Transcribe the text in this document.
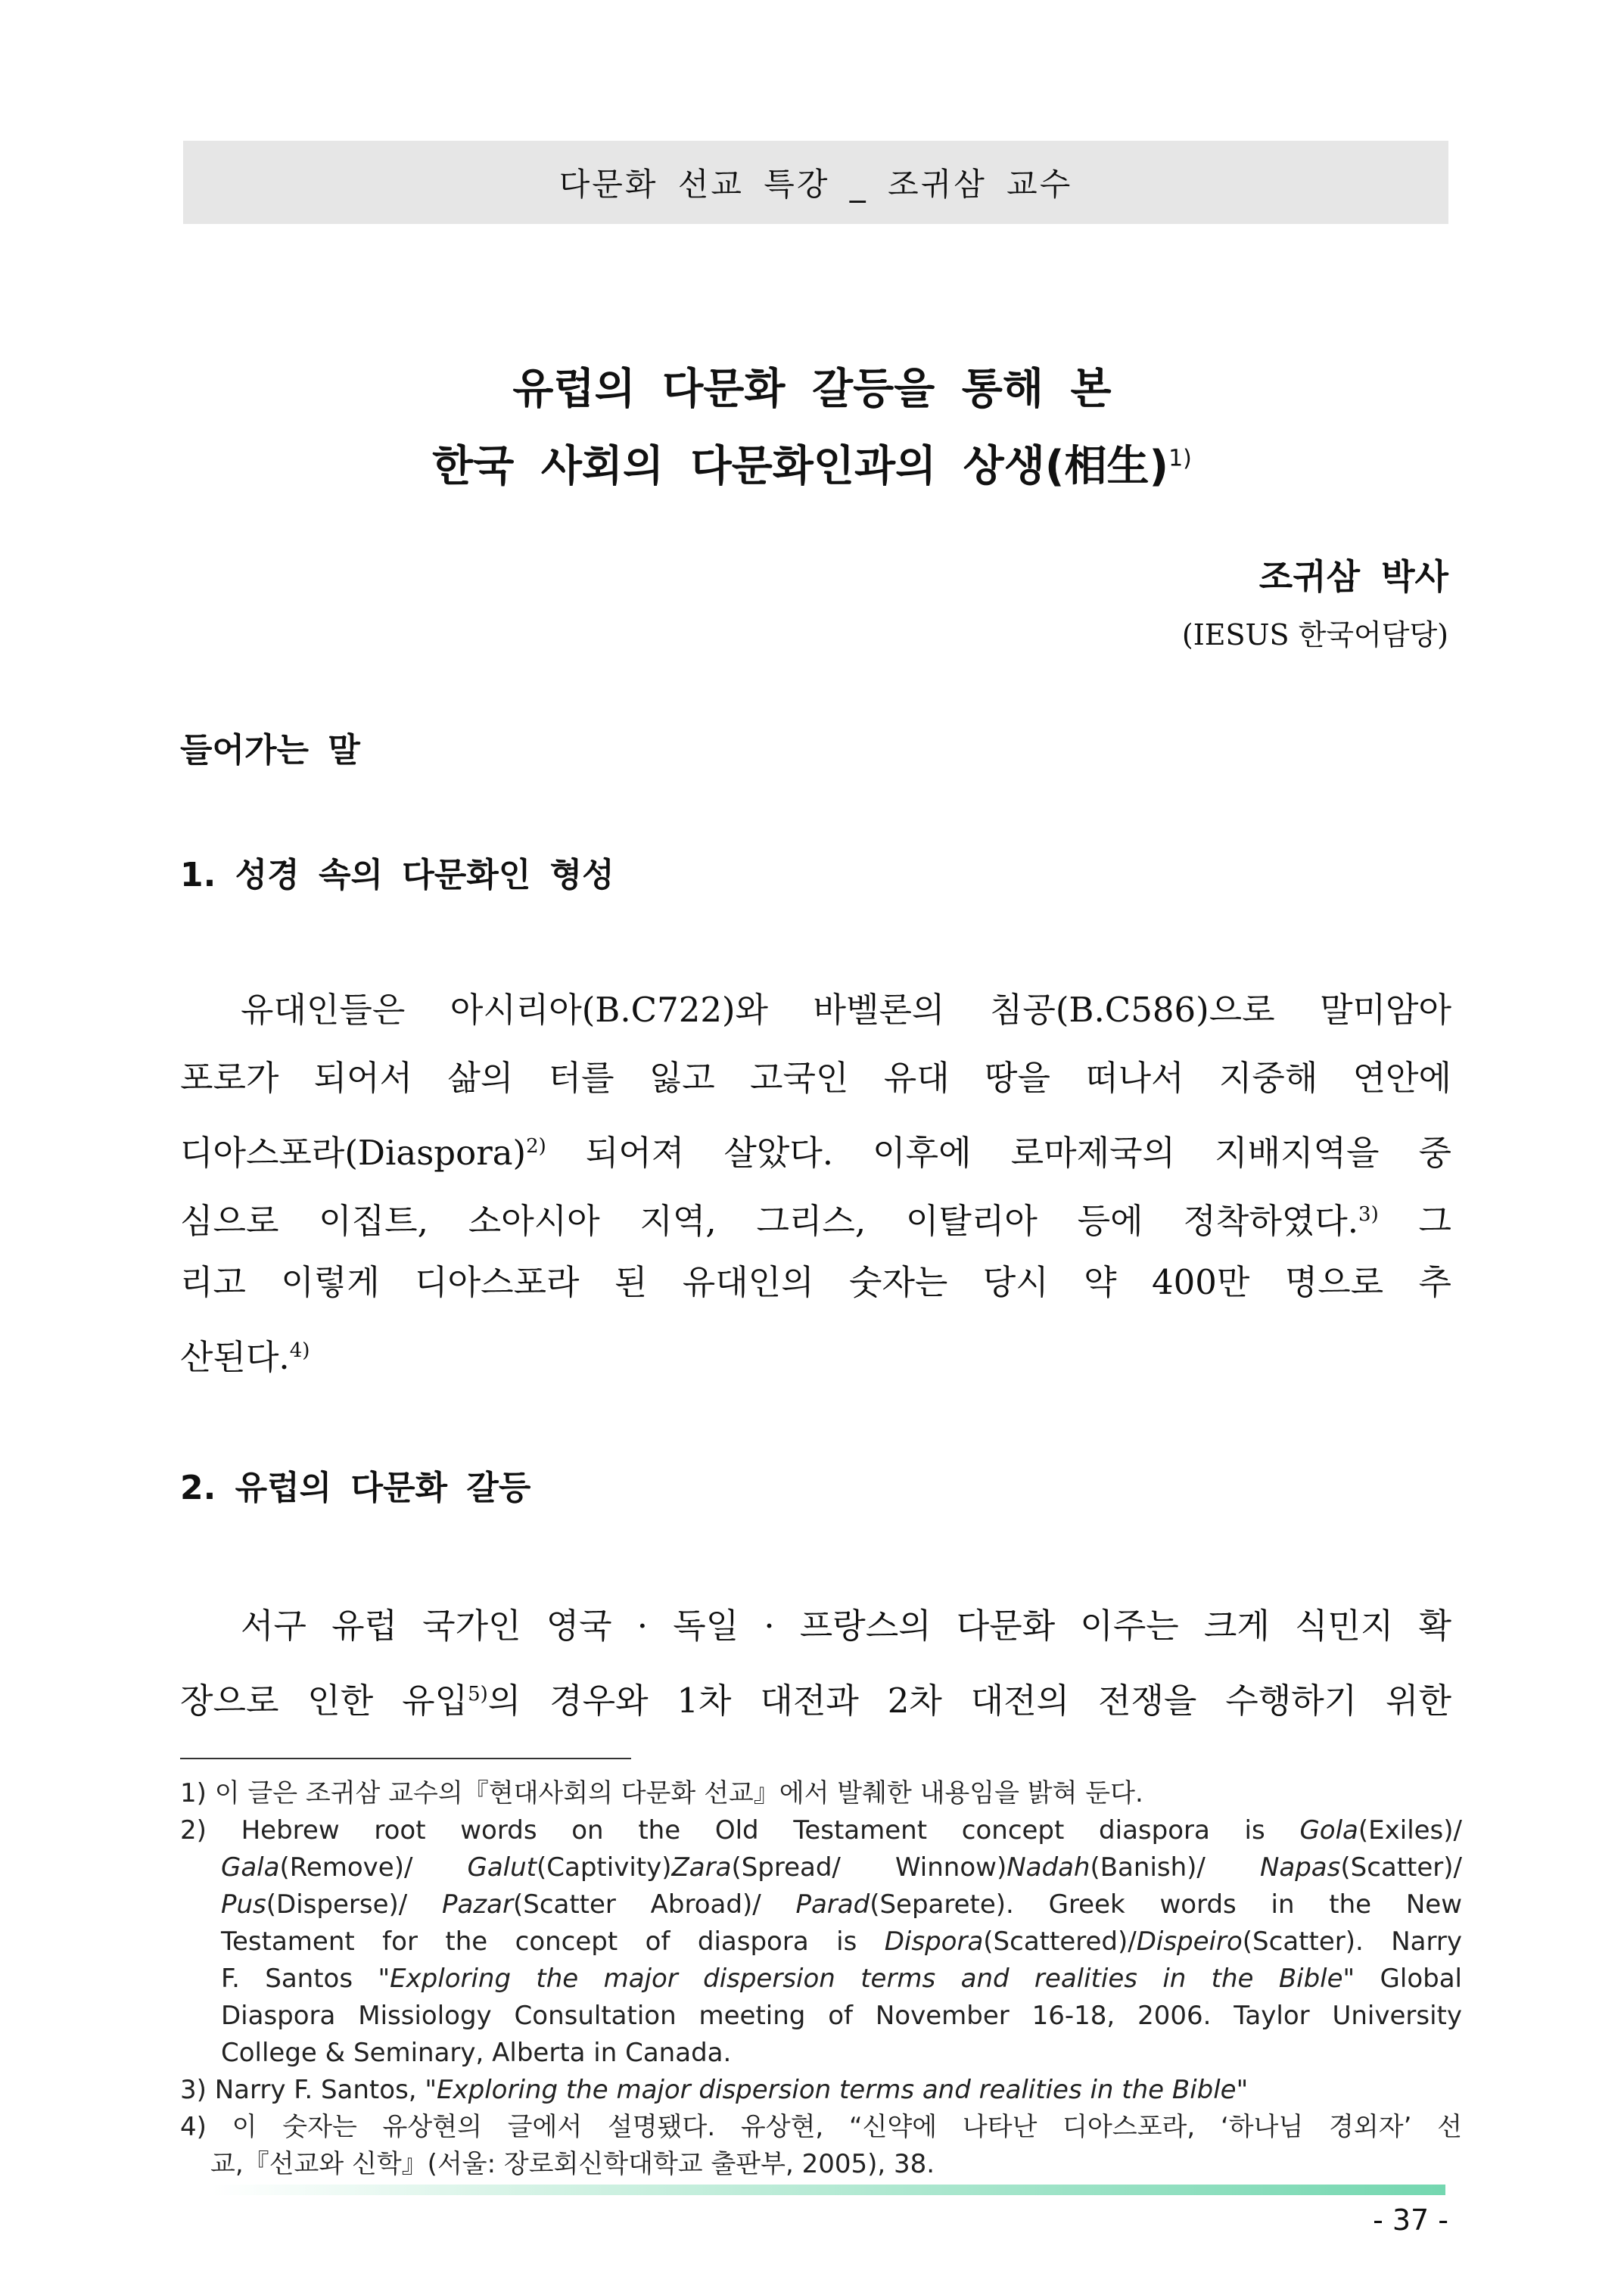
다문화 선교 특강 _ 조귀삼 교수
유럽의 다문화 갈등을 통해 본
한국 사회의 다문화인과의 상생(相生)$^{1)}$
조귀삼 박사
(IESUS 한국어담당)
들어가는 말
1. 성경 속의 다문화인 형성
유대인들은 아시리아(B.C722)와 바벨론의 침공(B.C586)으로 말미암아
포로가 되어서 삶의 터를 잃고 고국인 유대 땅을 떠나서 지중해 연안에
디아스포라(Diaspora)$^{2)}$ 되어져 살았다. 이후에 로마제국의 지배지역을 중
심으로 이집트, 소아시아 지역, 그리스, 이탈리아 등에 정착하였다.$^{3)}$ 그
리고 이렇게 디아스포라 된 유대인의 숫자는 당시 약 400만 명으로 추
산된다.$^{4)}$
2. 유럽의 다문화 갈등
서구 유럽 국가인 영국 · 독일 · 프랑스의 다문화 이주는 크게 식민지 확
장으로 인한 유입$^{5)}$의 경우와 1차 대전과 2차 대전의 전쟁을 수행하기 위한
1) 이 글은 조귀삼 교수의『현대사회의 다문화 선교』에서 발췌한 내용임을 밝혀 둔다.
2) Hebrew root words on the Old Testament concept diaspora is Gola(Exiles)/
Gala(Remove)/ Galut(Captivity)Zara(Spread/ Winnow)Nadah(Banish)/ Napas(Scatter)/
Pus(Disperse)/ Pazar(Scatter Abroad)/ Parad(Separete). Greek words in the New
Testament for the concept of diaspora is Dispora(Scattered)/Dispeiro(Scatter). Narry
F. Santos "Exploring the major dispersion terms and realities in the Bible" Global
Diaspora Missiology Consultation meeting of November 16-18, 2006. Taylor University
College & Seminary, Alberta in Canada.
3) Narry F. Santos, "Exploring the major dispersion terms and realities in the Bible"
4) 이 숫자는 유상현의 글에서 설명됐다. 유상현, “신약에 나타난 디아스포라, ‘하나님 경외자’ 선
교,『선교와 신학』(서울: 장로회신학대학교 출판부, 2005), 38.
- 37 -
